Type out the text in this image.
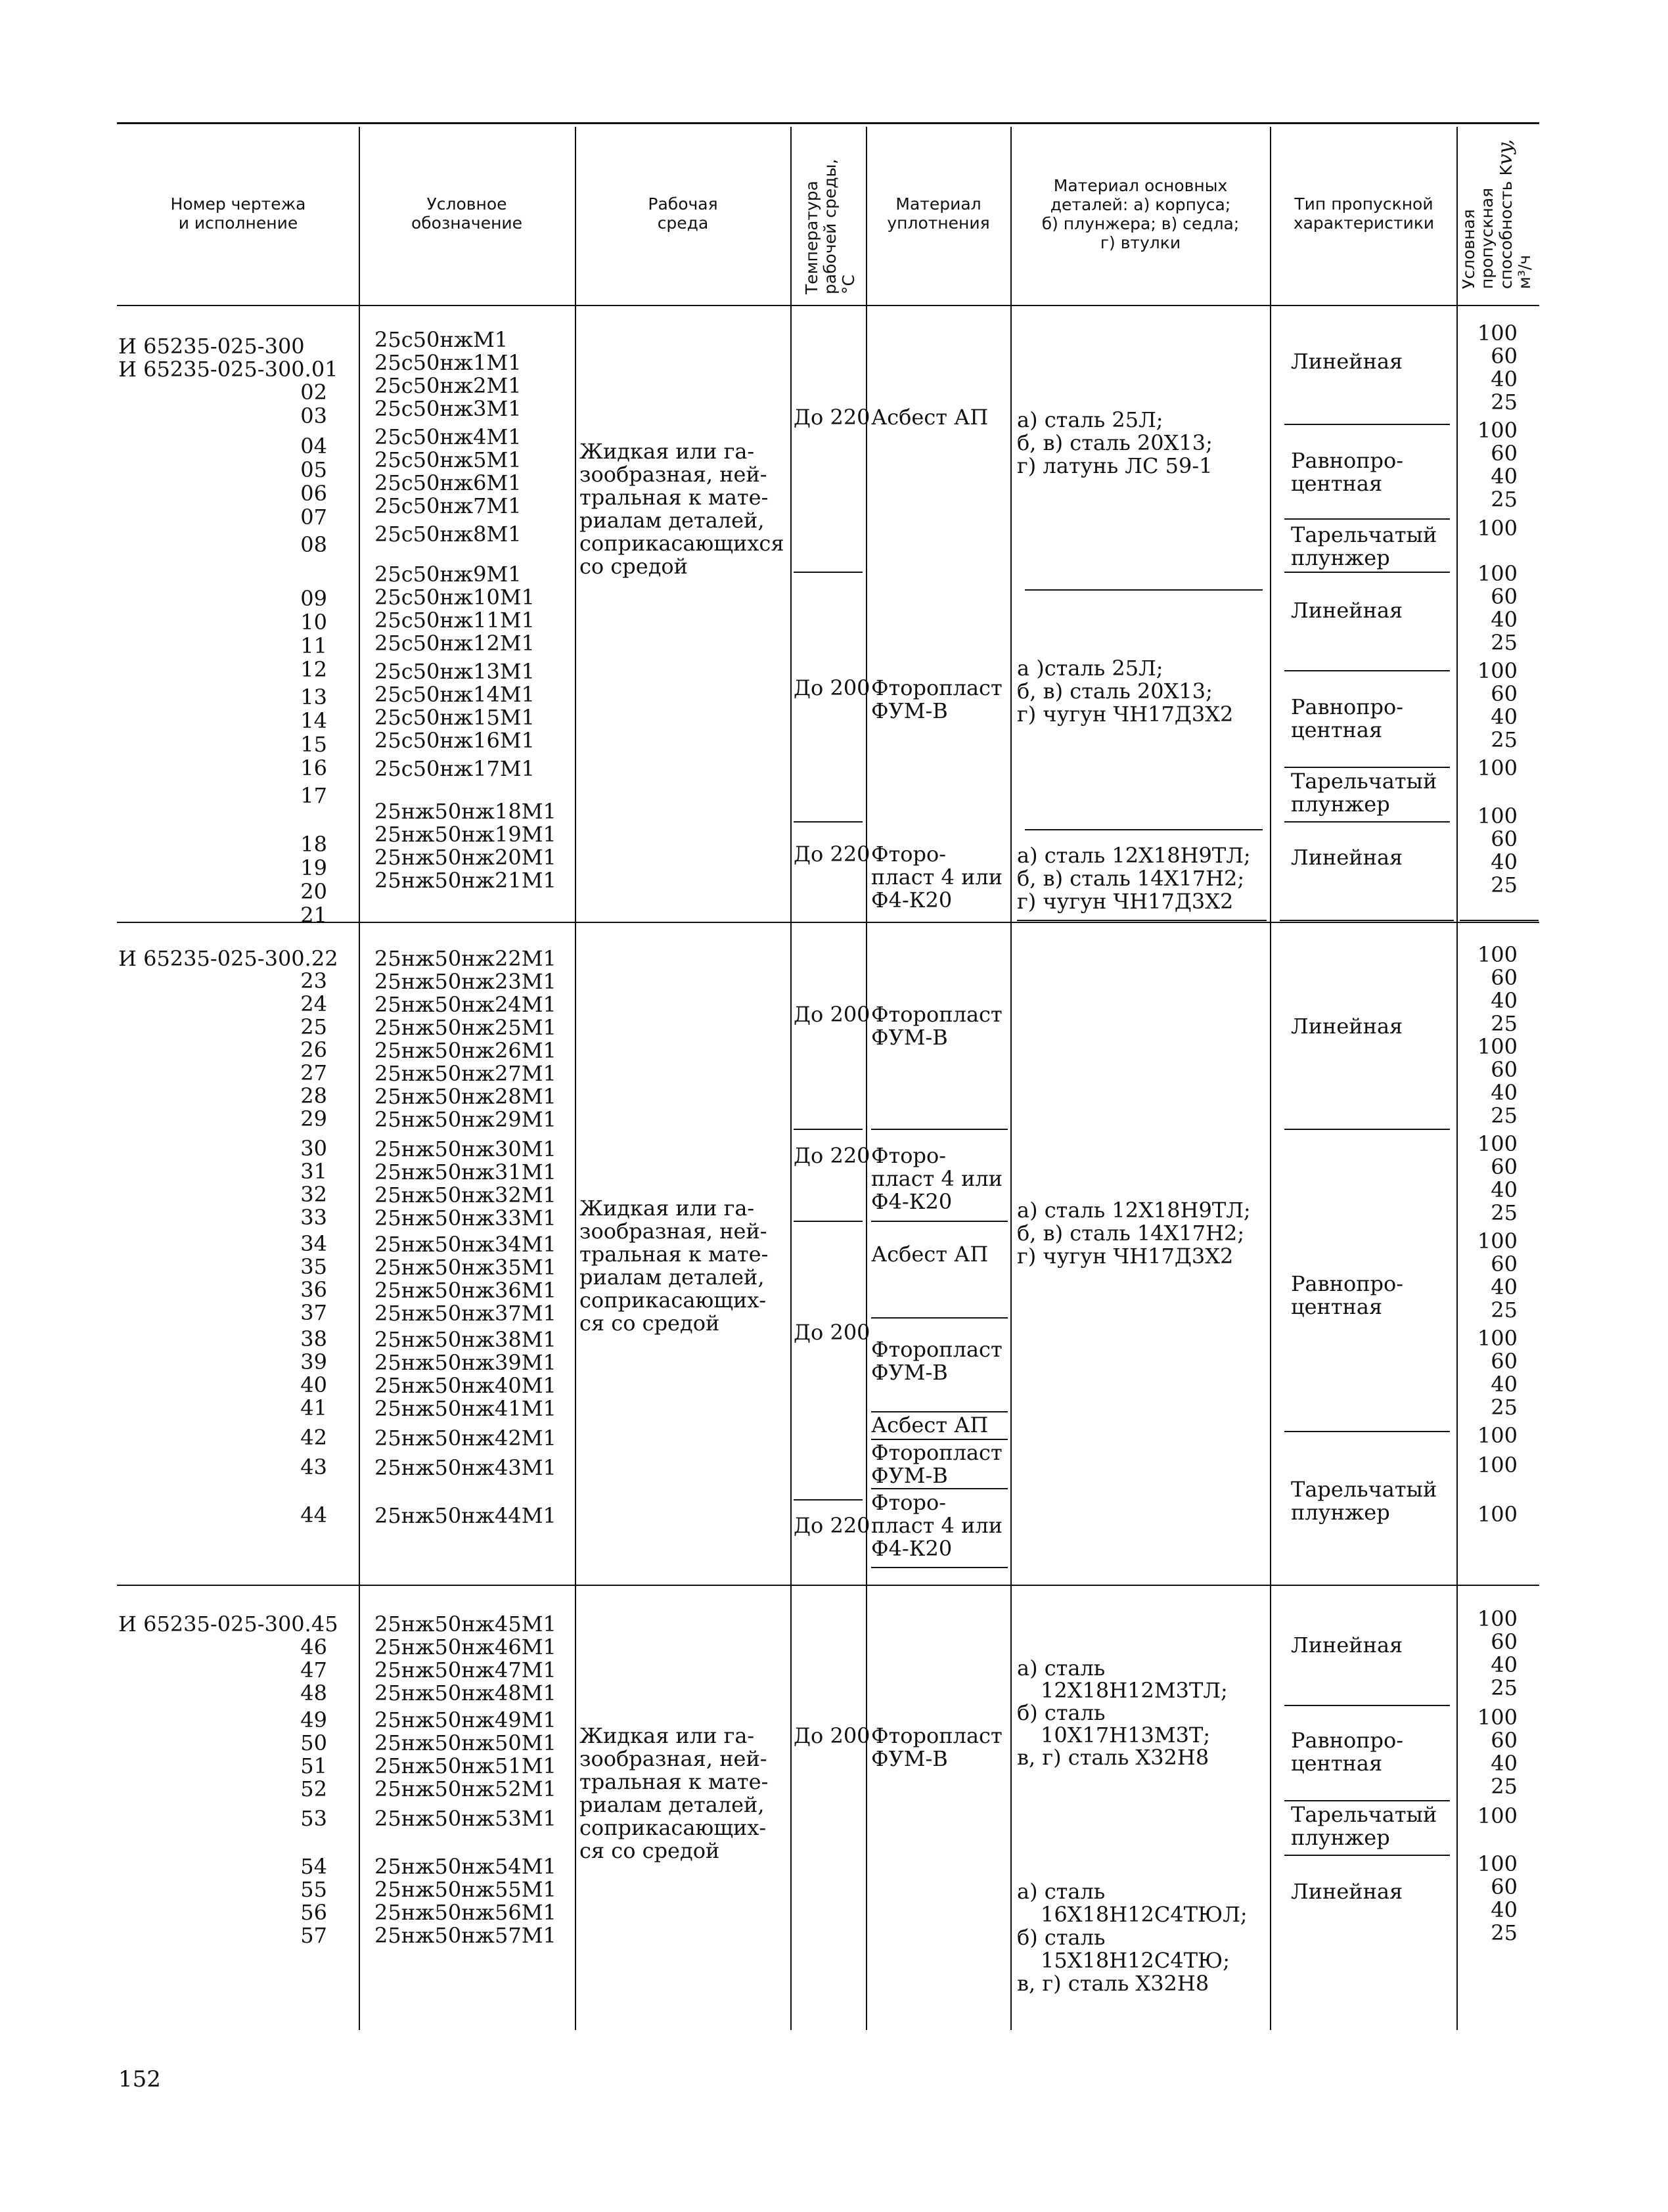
Номер чертежа
и исполнение
Условное
обозначение
Рабочая
среда	Температура рабочей среды, °С
Материал
уплотнения
Материал основных
деталей: а) корпуса;
б) плунжера; в) седла;
г) втулки
Тип пропускной
характеристики	Условная пропускная способность Kvy,
м³/ч
И 65235-025-300
И 65235-025-300.01
02
03
04
05
06
07
08
09
10
11
12
13
14
15
16
17
18
19
20
21
25с50нжМ1
25с50нж1М1
25с50нж2М1
25с50нж3М1
25с50нж4М1
25с50нж5М1
25с50нж6М1
25с50нж7М1
25с50нж8М1
25с50нж9М1
25с50нж10М1
25с50нж11М1
25с50нж12М1
25с50нж13М1
25с50нж14М1
25с50нж15М1
25с50нж16М1
25с50нж17М1
25нж50нж18М1
25нж50нж19М1
25нж50нж20М1
25нж50нж21М1
Жидкая или га-
зообразная, ней-
тральная к мате-
риалам деталей,
соприкасающихся
со средой
До 220
До 200
До 220
Асбест АП
Фторопласт
ФУМ-В
Фторо-
пласт 4 или
Ф4-К20
а) сталь 25Л;
б, в) сталь 20Х13;
г) латунь ЛС 59-1
а )сталь 25Л;
б, в) сталь 20Х13;
г) чугун ЧН17Д3Х2
а) сталь 12Х18Н9ТЛ;
б, в) сталь 14Х17Н2;
г) чугун ЧН17Д3Х2
Линейная
Равнопро-
центная
Тарельчатый
плунжер
Линейная
Равнопро-
центная
Тарельчатый
плунжер
Линейная
100
60
40
25
100
60
40
25
100
100
60
40
25
100
60
40
25
100
100
60
40
25
И 65235-025-300.22
23
24
25
26
27
28
29
30
31
32
33
34
35
36
37
38
39
40
41
42
43
44
25нж50нж22М1
25нж50нж23М1
25нж50нж24М1
25нж50нж25М1
25нж50нж26М1
25нж50нж27М1
25нж50нж28М1
25нж50нж29М1
25нж50нж30М1
25нж50нж31М1
25нж50нж32М1
25нж50нж33М1
25нж50нж34М1
25нж50нж35М1
25нж50нж36М1
25нж50нж37М1
25нж50нж38М1
25нж50нж39М1
25нж50нж40М1
25нж50нж41М1
25нж50нж42М1
25нж50нж43М1
25нж50нж44М1
Жидкая или га-
зообразная, ней-
тральная к мате-
риалам деталей,
соприкасающих-
ся со средой
До 200
До 220
До 200
До 220
Фторопласт
ФУМ-В
Фторо-
пласт 4 или
Ф4-К20
Асбест АП
Фторопласт
ФУМ-В
Асбест АП
Фторопласт
ФУМ-В
Фторо-
пласт 4 или
Ф4-К20
а) сталь 12Х18Н9ТЛ;
б, в) сталь 14Х17Н2;
г) чугун ЧН17Д3Х2
Линейная
Равнопро-
центная
Тарельчатый
плунжер
100
60
40
25
100
60
40
25
100
60
40
25
100
60
40
25
100
60
40
25
100
100
100
И 65235-025-300.45
46
47
48
49
50
51
52
53
54
55
56
57
25нж50нж45М1
25нж50нж46М1
25нж50нж47М1
25нж50нж48М1
25нж50нж49М1
25нж50нж50М1
25нж50нж51М1
25нж50нж52М1
25нж50нж53М1
25нж50нж54М1
25нж50нж55М1
25нж50нж56М1
25нж50нж57М1
Жидкая или га-
зообразная, ней-
тральная к мате-
риалам деталей,
соприкасающих-
ся со средой
До 200 Фторопласт
ФУМ-В
а) сталь
12Х18Н12М3ТЛ;
б) сталь
10Х17Н13М3Т;
в, г) сталь Х32Н8
а) сталь
16Х18Н12С4ТЮЛ;
б) сталь
15Х18Н12С4ТЮ;
в, г) сталь Х32Н8
Линейная
Равнопро-
центная
Тарельчатый
плунжер
Линейная
100
60
40
25
100
60
40
25
100
100
60
40
25
152
